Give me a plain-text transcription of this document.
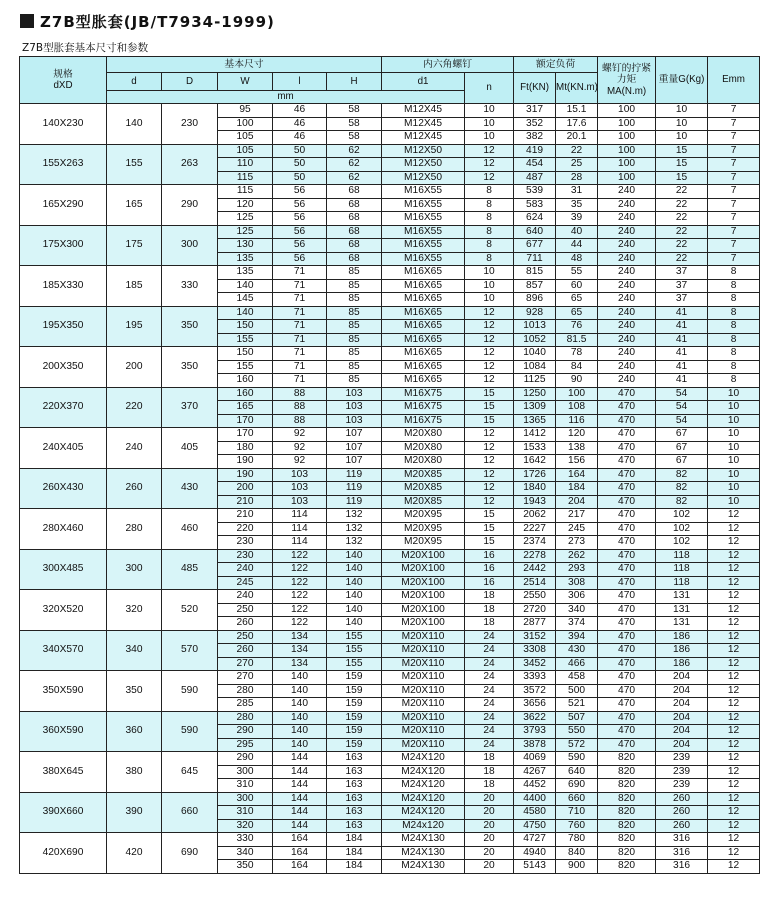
Z7B型胀套(JB/T7934-1999)
Z7B型胀套基本尺寸和参数
规格
dXD	基本尺寸					内六角螺钉		额定负荷		螺钉的拧紧力矩MA(N.m)	重量G(Kg)	Emm
	d	D	W	l	H	d1	n	Ft(KN)	Mt(KN.m)			
	mm											
140X230	140	230	95	46	58	M12X45	10	317	15.1	100	10	7
			100	46	58	M12X45	10	352	17.6	100	10	7
			105	46	58	M12X45	10	382	20.1	100	10	7
155X263	155	263	105	50	62	M12X50	12	419	22	100	15	7
			110	50	62	M12X50	12	454	25	100	15	7
			115	50	62	M12X50	12	487	28	100	15	7
165X290	165	290	115	56	68	M16X55	8	539	31	240	22	7
			120	56	68	M16X55	8	583	35	240	22	7
			125	56	68	M16X55	8	624	39	240	22	7
175X300	175	300	125	56	68	M16X55	8	640	40	240	22	7
			130	56	68	M16X55	8	677	44	240	22	7
			135	56	68	M16X55	8	711	48	240	22	7
185X330	185	330	135	71	85	M16X65	10	815	55	240	37	8
			140	71	85	M16X65	10	857	60	240	37	8
			145	71	85	M16X65	10	896	65	240	37	8
195X350	195	350	140	71	85	M16X65	12	928	65	240	41	8
			150	71	85	M16X65	12	1013	76	240	41	8
			155	71	85	M16X65	12	1052	81.5	240	41	8
200X350	200	350	150	71	85	M16X65	12	1040	78	240	41	8
			155	71	85	M16X65	12	1084	84	240	41	8
			160	71	85	M16X65	12	1125	90	240	41	8
220X370	220	370	160	88	103	M16X75	15	1250	100	470	54	10
			165	88	103	M16X75	15	1309	108	470	54	10
			170	88	103	M16X75	15	1365	116	470	54	10
240X405	240	405	170	92	107	M20X80	12	1412	120	470	67	10
			180	92	107	M20X80	12	1533	138	470	67	10
			190	92	107	M20X80	12	1642	156	470	67	10
260X430	260	430	190	103	119	M20X85	12	1726	164	470	82	10
			200	103	119	M20X85	12	1840	184	470	82	10
			210	103	119	M20X85	12	1943	204	470	82	10
280X460	280	460	210	114	132	M20X95	15	2062	217	470	102	12
			220	114	132	M20X95	15	2227	245	470	102	12
			230	114	132	M20X95	15	2374	273	470	102	12
300X485	300	485	230	122	140	M20X100	16	2278	262	470	118	12
			240	122	140	M20X100	16	2442	293	470	118	12
			245	122	140	M20X100	16	2514	308	470	118	12
320X520	320	520	240	122	140	M20X100	18	2550	306	470	131	12
			250	122	140	M20X100	18	2720	340	470	131	12
			260	122	140	M20X100	18	2877	374	470	131	12
340X570	340	570	250	134	155	M20X110	24	3152	394	470	186	12
			260	134	155	M20X110	24	3308	430	470	186	12
			270	134	155	M20X110	24	3452	466	470	186	12
350X590	350	590	270	140	159	M20X110	24	3393	458	470	204	12
			280	140	159	M20X110	24	3572	500	470	204	12
			285	140	159	M20X110	24	3656	521	470	204	12
360X590	360	590	280	140	159	M20X110	24	3622	507	470	204	12
			290	140	159	M20X110	24	3793	550	470	204	12
			295	140	159	M20X110	24	3878	572	470	204	12
380X645	380	645	290	144	163	M24X120	18	4069	590	820	239	12
			300	144	163	M24X120	18	4267	640	820	239	12
			310	144	163	M24X120	18	4452	690	820	239	12
390X660	390	660	300	144	163	M24X120	20	4400	660	820	260	12
			310	144	163	M24X120	20	4580	710	820	260	12
			320	144	163	M24x120	20	4750	760	820	260	12
420X690	420	690	330	164	184	M24X130	20	4727	780	820	316	12
			340	164	184	M24X130	20	4940	840	820	316	12
			350	164	184	M24X130	20	5143	900	820	316	12
